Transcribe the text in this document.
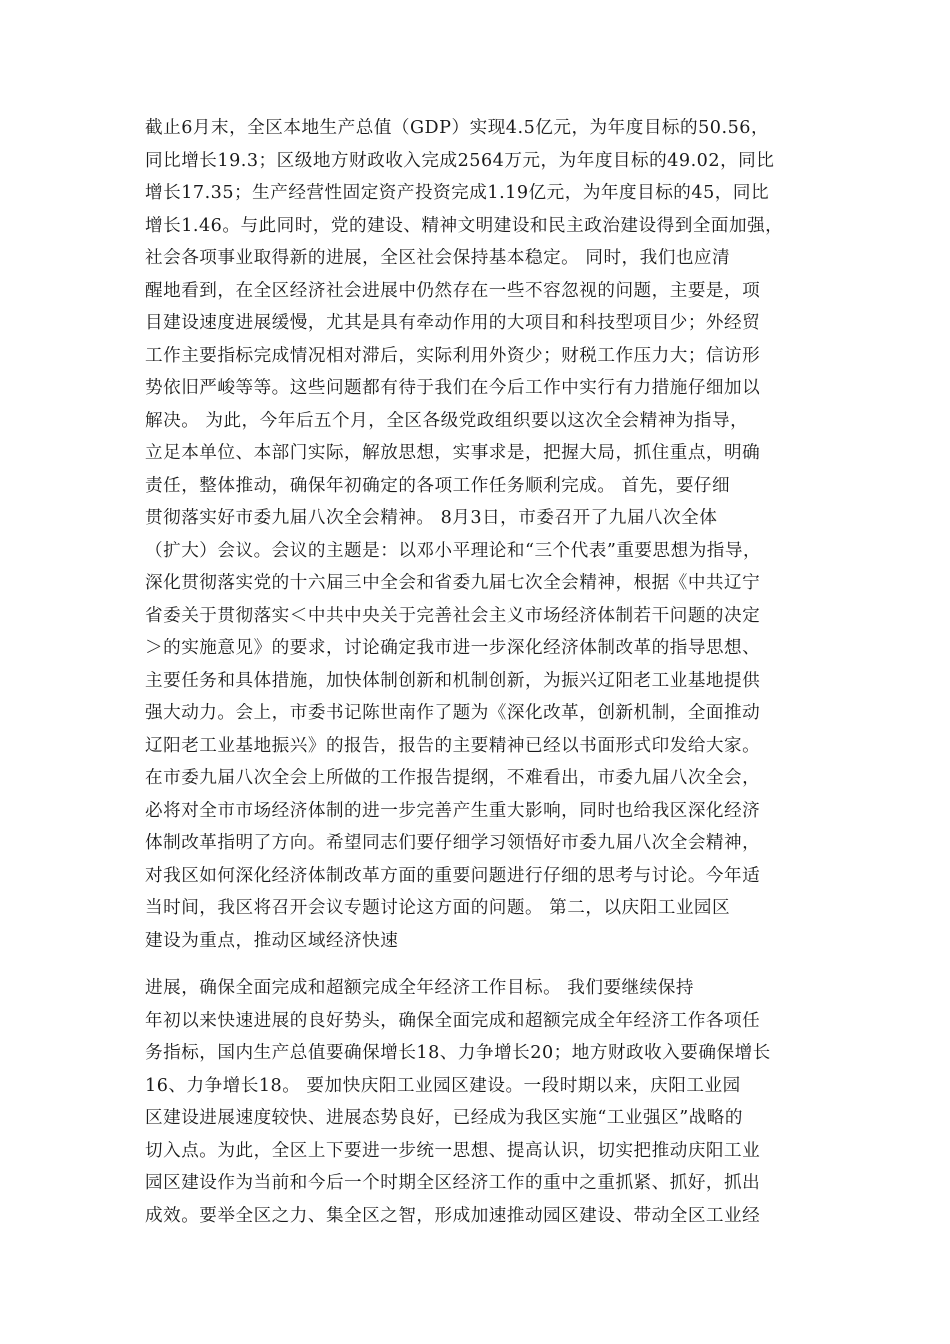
截止6月末，全区本地生产总值（GDP）实现4.5亿元，为年度目标的50.56，
同比增长19.3；区级地方财政收入完成2564万元，为年度目标的49.02，同比
增长17.35；生产经营性固定资产投资完成1.19亿元，为年度目标的45，同比
增长1.46。与此同时，党的建设、精神文明建设和民主政治建设得到全面加强，
社会各项事业取得新的进展，全区社会保持基本稳定。 同时，我们也应清
醒地看到，在全区经济社会进展中仍然存在一些不容忽视的问题，主要是，项
目建设速度进展缓慢，尤其是具有牵动作用的大项目和科技型项目少；外经贸
工作主要指标完成情况相对滞后，实际利用外资少；财税工作压力大；信访形
势依旧严峻等等。这些问题都有待于我们在今后工作中实行有力措施仔细加以
解决。 为此，今年后五个月，全区各级党政组织要以这次全会精神为指导，
立足本单位、本部门实际，解放思想，实事求是，把握大局，抓住重点，明确
责任，整体推动，确保年初确定的各项工作任务顺利完成。 首先，要仔细
贯彻落实好市委九届八次全会精神。 8月3日，市委召开了九届八次全体
（扩大）会议。会议的主题是：以邓小平理论和“三个代表”重要思想为指导，
深化贯彻落实党的十六届三中全会和省委九届七次全会精神，根据《中共辽宁
省委关于贯彻落实＜中共中央关于完善社会主义市场经济体制若干问题的决定
＞的实施意见》的要求，讨论确定我市进一步深化经济体制改革的指导思想、
主要任务和具体措施，加快体制创新和机制创新，为振兴辽阳老工业基地提供
强大动力。会上，市委书记陈世南作了题为《深化改革，创新机制，全面推动
辽阳老工业基地振兴》的报告，报告的主要精神已经以书面形式印发给大家。
在市委九届八次全会上所做的工作报告提纲，不难看出，市委九届八次全会，
必将对全市市场经济体制的进一步完善产生重大影响，同时也给我区深化经济
体制改革指明了方向。希望同志们要仔细学习领悟好市委九届八次全会精神，
对我区如何深化经济体制改革方面的重要问题进行仔细的思考与讨论。今年适
当时间，我区将召开会议专题讨论这方面的问题。 第二，以庆阳工业园区
建设为重点，推动区域经济快速
进展，确保全面完成和超额完成全年经济工作目标。 我们要继续保持
年初以来快速进展的良好势头，确保全面完成和超额完成全年经济工作各项任
务指标，国内生产总值要确保增长18、力争增长20；地方财政收入要确保增长
16、力争增长18。 要加快庆阳工业园区建设。一段时期以来，庆阳工业园
区建设进展速度较快、进展态势良好，已经成为我区实施“工业强区”战略的
切入点。为此，全区上下要进一步统一思想、提高认识，切实把推动庆阳工业
园区建设作为当前和今后一个时期全区经济工作的重中之重抓紧、抓好，抓出
成效。要举全区之力、集全区之智，形成加速推动园区建设、带动全区工业经
